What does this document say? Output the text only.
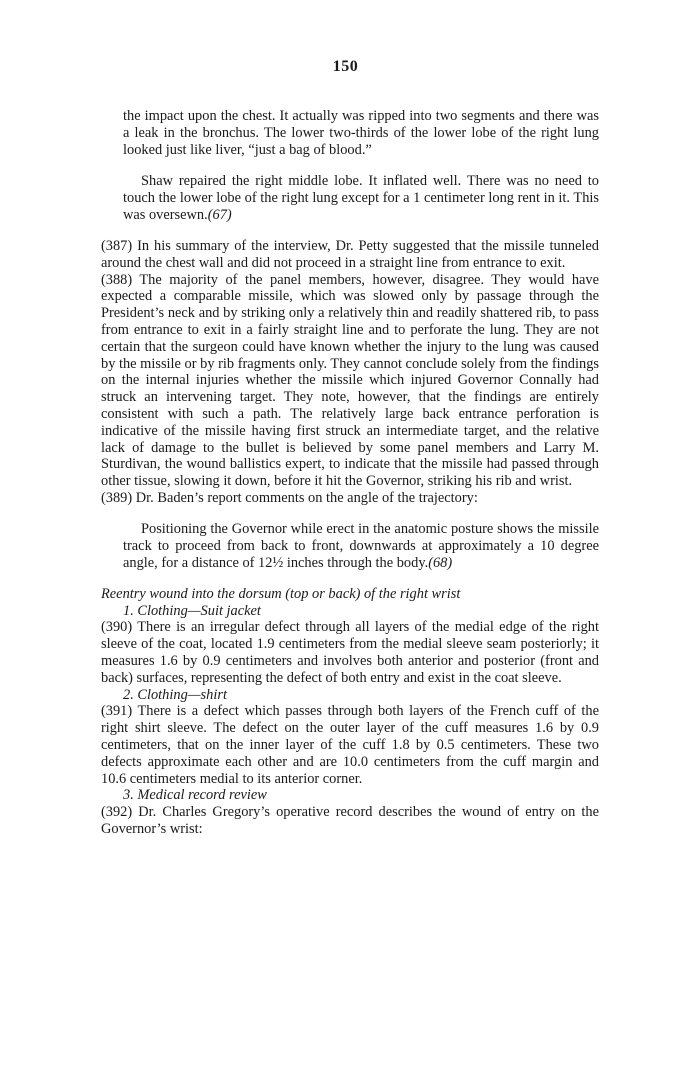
150

the impact upon the chest. It actually was ripped into two segments and there was a leak in the bronchus. The lower two-thirds of the lower lobe of the right lung looked just like liver, “just a bag of blood.”

Shaw repaired the right middle lobe. It inflated well. There was no need to touch the lower lobe of the right lung except for a 1 centimeter long rent in it. This was oversewn.(67)

(387) In his summary of the interview, Dr. Petty suggested that the missile tunneled around the chest wall and did not proceed in a straight line from entrance to exit.

(388) The majority of the panel members, however, disagree. They would have expected a comparable missile, which was slowed only by passage through the President’s neck and by striking only a relatively thin and readily shattered rib, to pass from entrance to exit in a fairly straight line and to perforate the lung. They are not certain that the surgeon could have known whether the injury to the lung was caused by the missile or by rib fragments only. They cannot conclude solely from the findings on the internal injuries whether the missile which injured Governor Connally had struck an intervening target. They note, however, that the findings are entirely consistent with such a path. The relatively large back entrance perforation is indicative of the missile having first struck an intermediate target, and the relative lack of damage to the bullet is believed by some panel members and Larry M. Sturdivan, the wound ballistics expert, to indicate that the missile had passed through other tissue, slowing it down, before it hit the Governor, striking his rib and wrist.

(389) Dr. Baden’s report comments on the angle of the trajectory:

Positioning the Governor while erect in the anatomic posture shows the missile track to proceed from back to front, downwards at approximately a 10 degree angle, for a distance of 12½ inches through the body.(68)

Reentry wound into the dorsum (top or back) of the right wrist

1. Clothing—Suit jacket

(390) There is an irregular defect through all layers of the medial edge of the right sleeve of the coat, located 1.9 centimeters from the medial sleeve seam posteriorly; it measures 1.6 by 0.9 centimeters and involves both anterior and posterior (front and back) surfaces, representing the defect of both entry and exist in the coat sleeve.

2. Clothing—shirt

(391) There is a defect which passes through both layers of the French cuff of the right shirt sleeve. The defect on the outer layer of the cuff measures 1.6 by 0.9 centimeters, that on the inner layer of the cuff 1.8 by 0.5 centimeters. These two defects approximate each other and are 10.0 centimeters from the cuff margin and 10.6 centimeters medial to its anterior corner.

3. Medical record review

(392) Dr. Charles Gregory’s operative record describes the wound of entry on the Governor’s wrist:
